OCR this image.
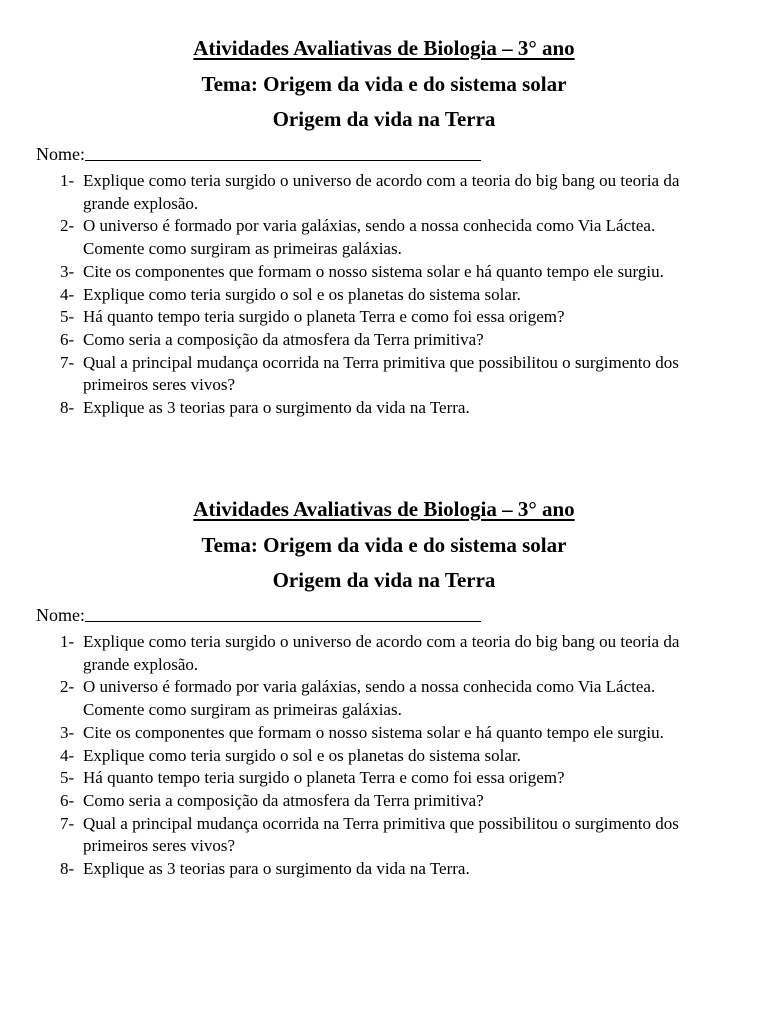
Atividades Avaliativas de Biologia – 3° ano

Tema: Origem da vida e do sistema solar

Origem da vida na Terra

Nome:
1- Explique como teria surgido o universo de acordo com a teoria do big bang ou teoria da grande explosão.
2- O universo é formado por varia galáxias, sendo a nossa conhecida como Via Láctea. Comente como surgiram as primeiras galáxias.
3- Cite os componentes que formam o nosso sistema solar e há quanto tempo ele surgiu.
4- Explique como teria surgido o sol e os planetas do sistema solar.
5- Há quanto tempo teria surgido o planeta Terra e como foi essa origem?
6- Como seria a composição da atmosfera da Terra primitiva?
7- Qual a principal mudança ocorrida na Terra primitiva que possibilitou o surgimento dos primeiros seres vivos?
8- Explique as 3 teorias para o surgimento da vida na Terra.

Atividades Avaliativas de Biologia – 3° ano

Tema: Origem da vida e do sistema solar

Origem da vida na Terra

Nome:
1- Explique como teria surgido o universo de acordo com a teoria do big bang ou teoria da grande explosão.
2- O universo é formado por varia galáxias, sendo a nossa conhecida como Via Láctea. Comente como surgiram as primeiras galáxias.
3- Cite os componentes que formam o nosso sistema solar e há quanto tempo ele surgiu.
4- Explique como teria surgido o sol e os planetas do sistema solar.
5- Há quanto tempo teria surgido o planeta Terra e como foi essa origem?
6- Como seria a composição da atmosfera da Terra primitiva?
7- Qual a principal mudança ocorrida na Terra primitiva que possibilitou o surgimento dos primeiros seres vivos?
8- Explique as 3 teorias para o surgimento da vida na Terra.
